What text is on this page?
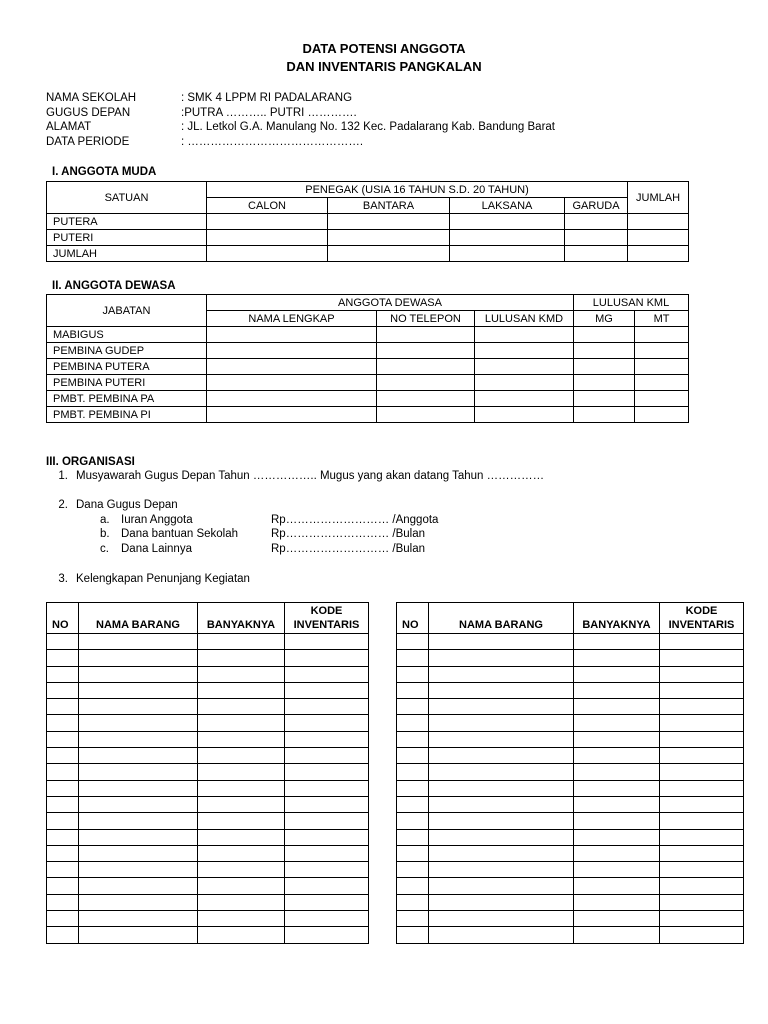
DATA POTENSI ANGGOTA
DAN INVENTARIS PANGKALAN
NAMA SEKOLAH	: SMK 4 LPPM RI PADALARANG
GUGUS DEPAN	:PUTRA ……….. PUTRI ………….
ALAMAT	: JL. Letkol G.A. Manulang No. 132 Kec. Padalarang Kab. Bandung Barat
DATA PERIODE	: ……………………………………….
I. ANGGOTA MUDA
SATUAN	PENEGAK (USIA 16 TAHUN S.D. 20 TAHUN)				JUMLAH
	CALON	BANTARA	LAKSANA	GARUDA	
PUTERA					
PUTERI					
JUMLAH					
II. ANGGOTA DEWASA
JABATAN	ANGGOTA DEWASA			LULUSAN KML	
	NAMA LENGKAP	NO TELEPON	LULUSAN KMD	MG	MT
MABIGUS					
PEMBINA GUDEP					
PEMBINA PUTERA					
PEMBINA PUTERI					
PMBT. PEMBINA PA					
PMBT. PEMBINA PI					
III. ORGANISASI
1. Musyawarah Gugus Depan Tahun …………….. Mugus yang akan datang Tahun ……………
2. Dana Gugus Depan
a. Iuran Anggota	Rp……………………… /Anggota
b. Dana bantuan Sekolah	Rp……………………… /Bulan
c. Dana Lainnya	Rp……………………… /Bulan
3. Kelengkapan Penunjang Kegiatan
NO	NAMA BARANG	BANYAKNYA	KODE
INVENTARIS

				NO	NAMA BARANG	BANYAKNYA	KODE
INVENTARIS
